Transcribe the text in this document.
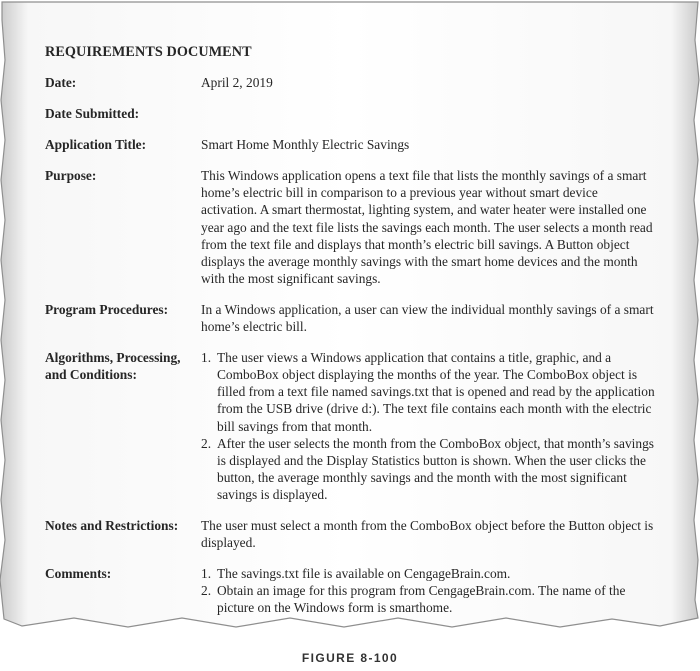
REQUIREMENTS DOCUMENT
Date:	April 2, 2019
Date Submitted:
Application Title:	Smart Home Monthly Electric Savings
Purpose:	This Windows application opens a text file that lists the monthly savings of a smart home’s electric bill in comparison to a previous year without smart device activation. A smart thermostat, lighting system, and water heater were installed one year ago and the text file lists the savings each month. The user selects a month read from the text file and displays that month’s electric bill savings. A Button object displays the average monthly savings with the smart home devices and the month with the most significant savings.
Program Procedures:	In a Windows application, a user can view the individual monthly savings of a smart home’s electric bill.
Algorithms, Processing, and Conditions:
1. The user views a Windows application that contains a title, graphic, and a ComboBox object displaying the months of the year. The ComboBox object is filled from a text file named savings.txt that is opened and read by the application from the USB drive (drive d:). The text file contains each month with the electric bill savings from that month.
2. After the user selects the month from the ComboBox object, that month’s savings is displayed and the Display Statistics button is shown. When the user clicks the button, the average monthly savings and the month with the most significant savings is displayed.
Notes and Restrictions:	The user must select a month from the ComboBox object before the Button object is displayed.
Comments:	1. The savings.txt file is available on CengageBrain.com.
2. Obtain an image for this program from CengageBrain.com. The name of the picture on the Windows form is smarthome.
FIGURE 8-100
